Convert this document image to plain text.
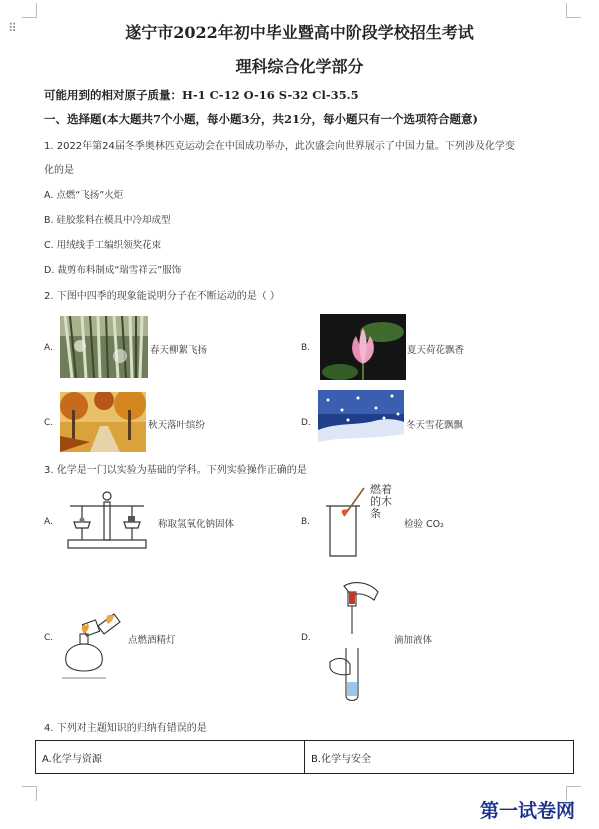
⠿	遂宁市2022年初中毕业暨高中阶段学校招生考试
理科综合化学部分
可能用到的相对原子质量：H-1 C-12 O-16 S-32 Cl-35.5
一、选择题(本大题共7个小题，每小题3分，共21分，每小题只有一个选项符合题意)
1. 2022年第24届冬季奥林匹克运动会在中国成功举办，此次盛会向世界展示了中国力量。下列涉及化学变
化的是
A. 点燃“飞扬”火炬
B. 硅胶浆料在模具中冷却成型
C. 用绒线手工编织领奖花束
D. 裁剪布料制成“瑞雪祥云”服饰
2. 下图中四季的现象能说明分子在不断运动的是（ ）
A.	春天柳絮飞扬	B.	夏天荷花飘香
C.	秋天落叶缤纷	D.	冬天雪花飘飘
3. 化学是一门以实验为基础的学科。下列实验操作正确的是
A.	称取氢氧化钠固体	B.
燃着
的木
条
检验 CO₂
C.	点燃酒精灯	D.	滴加液体
4. 下列对主题知识的归纳有错误的是
A.化学与资源	B.化学与安全
第一试卷网
